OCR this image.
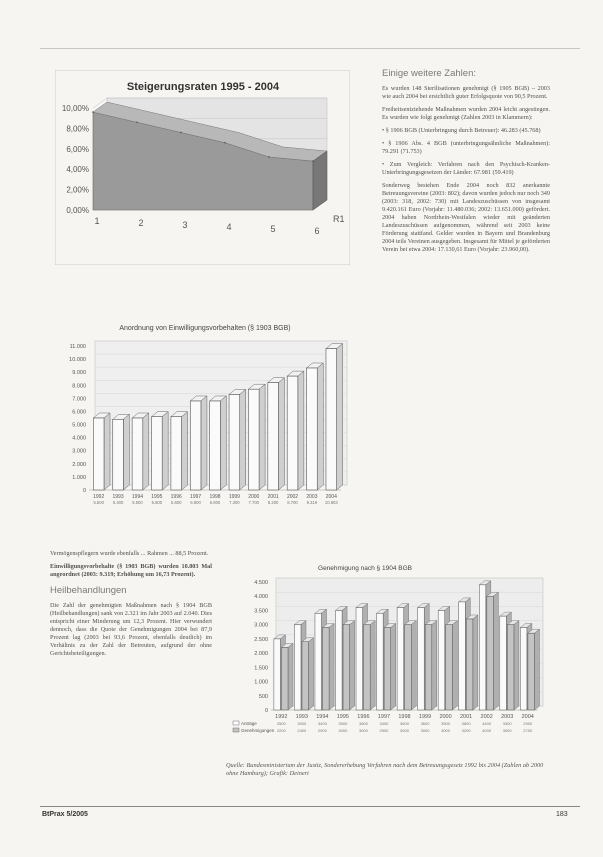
Steigerungsraten 1995 - 2004
10,00%
8,00%
6,00%
4,00%
2,00%
0,00%
1	2	3	4	5	6
R1
Anordnung von Einwilligungsvorbehalten (§ 1903 BGB)
11.000
10.000
9.000
8.000
7.000
6.000
5.000
4.000
3.000
2.000
1.000
0
1992
5.500
1993
5.400
1994
5.500
1995
5.600
1996
5.600
1997
6.800
1998
6.800
1999
7.300
2000
7.700
2001
8.200
2002
8.700
2003
9.319
2004
10.803
Einige weitere Zahlen:

Es wurden 148 Sterilisationen genehmigt (§ 1905 BGB) – 2003 wie auch 2004 bei ersichtlich guter Erfolgsquote von 90,5 Prozent.

Freiheitsentziehende Maßnahmen wurden 2004 leicht angestiegen. Es wurden wie folgt genehmigt (Zahlen 2003 in Klammern):

• § 1906 BGB (Unterbringung durch Betreuer): 46.283 (45.768)

• § 1906 Abs. 4 BGB (unterbringungsähnliche Maßnahmen): 79.291 (71.753)

• Zum Vergleich: Verfahren nach den Psychisch-Kranken-Unterbringungsgesetzen der Länder: 67.981 (59.419)

Sonderweg bestehen Ende 2004 noch 832 anerkannte Betreuungsvereine (2003: 802); davon wurden jedoch nur noch 349 (2003: 318, 2002: 730) mit Landeszuschüssen von insgesamt 9.420.161 Euro (Vorjahr: 11.480.036; 2002: 13.651.000) gefördert. 2004 haben Nordrhein-Westfalen wieder mit geänderten Landeszuschüssen aufgenommen, während seit 2003 keine Förderung stattfand. Gelder wurden in Bayern und Brandenburg 2004 teils Vereinen ausgegeben. Insgesamt für Mittel je geförderten Verein bei etwa 2004: 17.130,61 Euro (Vorjahr: 23.960,00).

Vermögenspflegern wurde ebenfalls ... Rahmen ... 88,5 Prozent.

Einwilligungsvorbehalte (§ 1903 BGB) wurden 10.803 Mal angeordnet (2003: 9.319; Erhöhung um 16,73 Prozent).

Heilbehandlungen

Die Zahl der genehmigten Maßnahmen nach § 1904 BGB (Heilbehandlungen) sank von 2.321 im Jahr 2003 auf 2.040. Dies entspricht einer Minderung um 12,3 Prozent. Hier verwundert dennoch, dass die Quote der Genehmigungen 2004 bei 87,9 Prozent lag (2003 bei 93,6 Prozent, ebenfalls deutlich) im Verhältnis zu der Zahl der Betreuten, aufgrund der ohne Gerichtsbeteiligungen.

Genehmigung nach § 1904 BGB
4.500
4.000
3.500
3.000
2.500
2.000
1.500
1.000
500
0
1992 1993 1994 1995 1996 1997 1998 1999 2000 2001 2002 2003 2004
Anträge	2500	3000	3400	3500	3600	3400	3600	3600	3500	3800	4400	3300	2900
Genehmigungen 2200	2400	2900	3000	3000	2900	3000	3000	3000	3200	4000	3000	2700
Quelle: Bundesministerium der Justiz, Sondererhebung Verfahren nach dem Betreuungsgesetz 1992 bis 2004 (Zahlen ab 2000 ohne Hamburg); Grafik: Deinert
BtPrax 5/2005	183
